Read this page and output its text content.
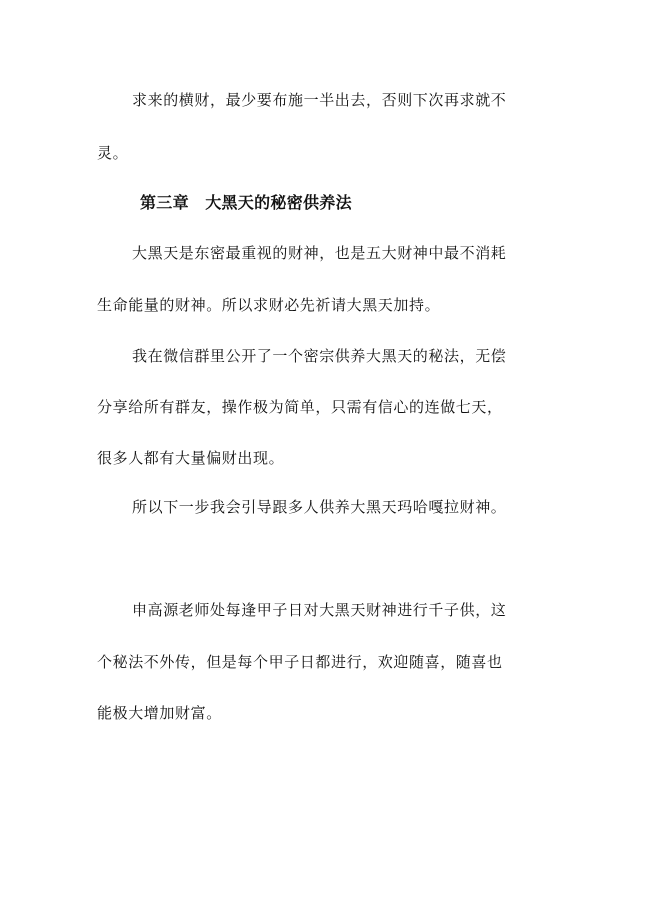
求来的横财，最少要布施一半出去，否则下次再求就不
灵。
第三章　大黑天的秘密供养法
大黑天是东密最重视的财神，也是五大财神中最不消耗
生命能量的财神。所以求财必先祈请大黑天加持。
我在微信群里公开了一个密宗供养大黑天的秘法，无偿
分享给所有群友，操作极为简单，只需有信心的连做七天，
很多人都有大量偏财出现。
所以下一步我会引导跟多人供养大黑天玛哈嘎拉财神。
申高源老师处每逢甲子日对大黑天财神进行千子供，这
个秘法不外传，但是每个甲子日都进行，欢迎随喜，随喜也
能极大增加财富。
